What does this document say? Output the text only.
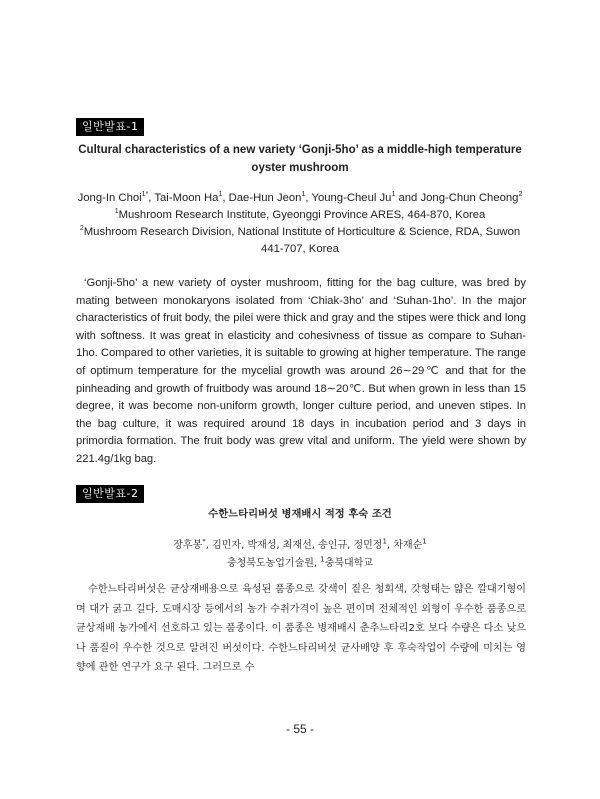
일반발표-1
Cultural characteristics of a new variety ‘Gonji-5ho’ as a middle-high temperature
oyster mushroom
Jong-In Choi$^{1*}$, Tai-Moon Ha$^1$, Dae-Hun Jeon$^1$, Young-Cheul Ju$^1$ and Jong-Chun Cheong$^2$
$^1$Mushroom Research Institute, Gyeonggi Province ARES, 464-870, Korea
$^2$Mushroom Research Division, National Institute of Horticulture & Science, RDA, Suwon
441-707, Korea

‘Gonji-5ho’ a new variety of oyster mushroom, fitting for the bag culture, was bred by mating between monokaryons isolated from ‘Chiak-3ho’ and ‘Suhan-1ho’. In the major characteristics of fruit body, the pilei were thick and gray and the stipes were thick and long with softness. It was great in elasticity and cohesivness of tissue as compare to Suhan-1ho. Compared to other varieties, it is suitable to growing at higher temperature. The range of optimum temperature for the mycelial growth was around 26∼29℃ and that for the pinheading and growth of fruitbody was around 18∼20℃. But when grown in less than 15 degree, it was become non-uniform growth, longer culture period, and uneven stipes. In the bag culture, it was required around 18 days in incubation period and 3 days in primordia formation. The fruit body was grew vital and uniform. The yield were shown by 221.4g/1kg bag.

일반발표-2
수한느타리버섯 병재배시 적정 후숙 조건
장후봉*, 김민자, 박재성, 최재선, 송인규, 정민정$^1$, 차재순$^1$
충청북도농업기술원, $^1$충북대학교

수한느타리버섯은 균상재배용으로 육성된 품종으로 갓색이 짙은 청회색, 갓형태는 얇은 깔대기형이며 대가 굵고 길다. 도매시장 등에서의 농가 수취가격이 높은 편이며 전체적인 외형이 우수한 품종으로 균상재배 농가에서 선호하고 있는 품종이다. 이 품종은 병재배시 춘추느타리2호 보다 수량은 다소 낮으나 품질이 우수한 것으로 알려진 버섯이다. 수한느타리버섯 균사배양 후 후숙작업이 수량에 미치는 영향에 관한 연구가 요구 된다. 그러므로 수

- 55 -
